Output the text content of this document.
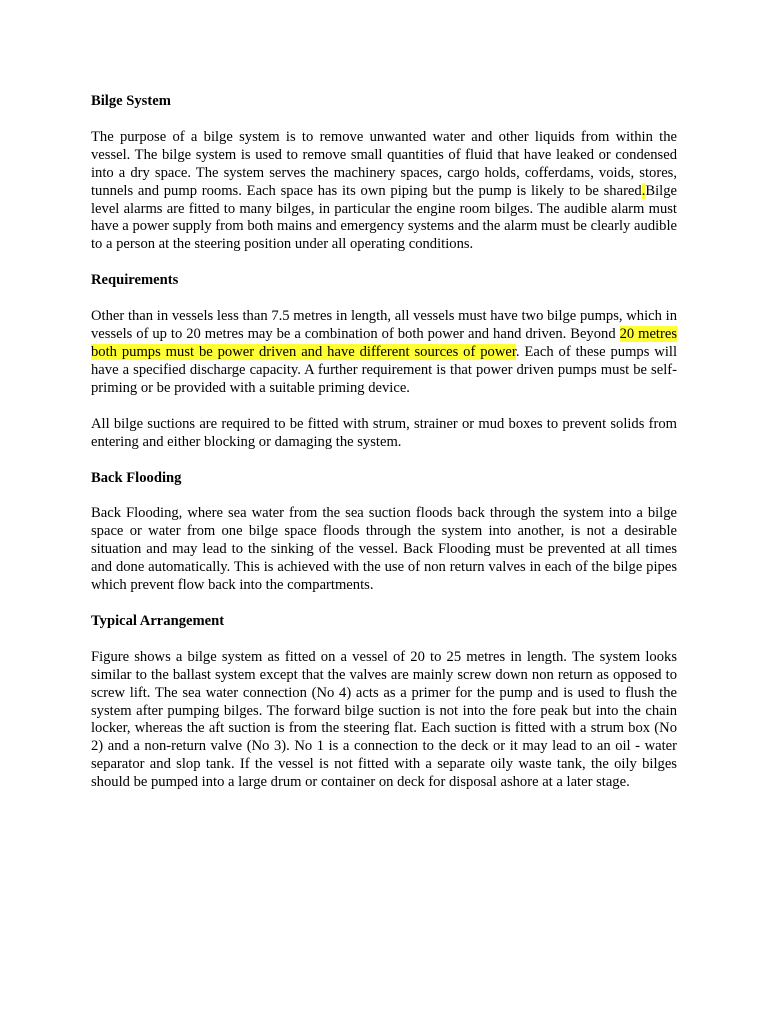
Bilge System

The purpose of a bilge system is to remove unwanted water and other liquids from within the vessel. The bilge system is used to remove small quantities of fluid that have leaked or condensed into a dry space. The system serves the machinery spaces, cargo holds, cofferdams, voids, stores, tunnels and pump rooms. Each space has its own piping but the pump is likely to be shared.Bilge level alarms are fitted to many bilges, in particular the engine room bilges. The audible alarm must have a power supply from both mains and emergency systems and the alarm must be clearly audible to a person at the steering position under all operating conditions.

Requirements

Other than in vessels less than 7.5 metres in length, all vessels must have two bilge pumps, which in vessels of up to 20 metres may be a combination of both power and hand driven. Beyond 20 metres both pumps must be power driven and have different sources of power. Each of these pumps will have a specified discharge capacity. A further requirement is that power driven pumps must be self-priming or be provided with a suitable priming device.

All bilge suctions are required to be fitted with strum, strainer or mud boxes to prevent solids from entering and either blocking or damaging the system.

Back Flooding

Back Flooding, where sea water from the sea suction floods back through the system into a bilge space or water from one bilge space floods through the system into another, is not a desirable situation and may lead to the sinking of the vessel. Back Flooding must be prevented at all times and done automatically. This is achieved with the use of non return valves in each of the bilge pipes which prevent flow back into the compartments.

Typical Arrangement

Figure shows a bilge system as fitted on a vessel of 20 to 25 metres in length. The system looks similar to the ballast system except that the valves are mainly screw down non return as opposed to screw lift. The sea water connection (No 4) acts as a primer for the pump and is used to flush the system after pumping bilges. The forward bilge suction is not into the fore peak but into the chain locker, whereas the aft suction is from the steering flat. Each suction is fitted with a strum box (No 2) and a non-return valve (No 3). No 1 is a connection to the deck or it may lead to an oil - water separator and slop tank. If the vessel is not fitted with a separate oily waste tank, the oily bilges should be pumped into a large drum or container on deck for disposal ashore at a later stage.
